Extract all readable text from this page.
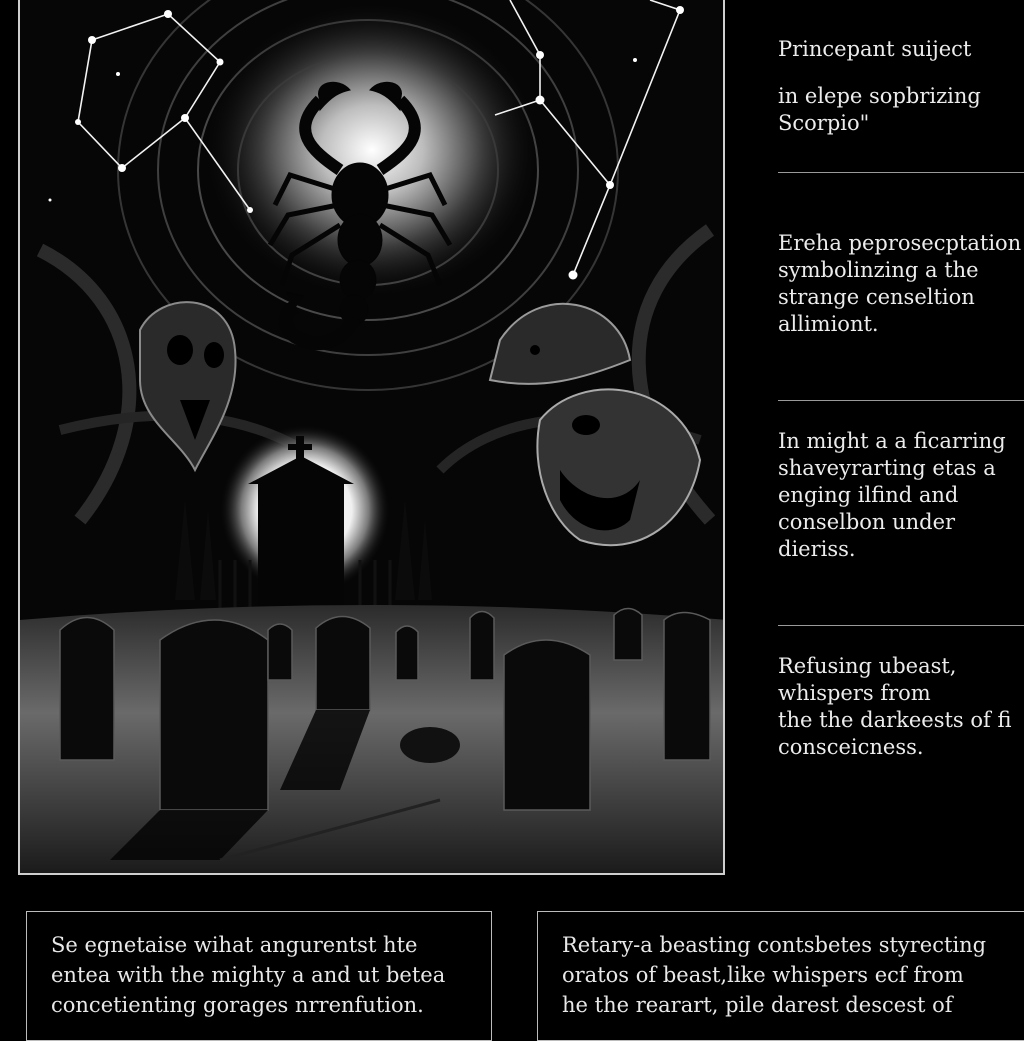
Princepant suiject
in elepe sopbrizing
Scorpio"
Ereha peprosecptation
symbolinzing a the
strange censeltion
allimiont.
In might a a ficarring
shaveyrarting etas a
enging ilfind and
conselbon under
dieriss.
Refusing ubeast,
whispers from
the the darkeests of fi
consceicness.
Se egnetaise wihat angurentst hte
entea with the mighty a and ut betea
concetienting gorages nrrenfution.
Retary-a beasting contsbetes styrecting
oratos of beast,like whispers ecf from
he the rearart, pile darest descest of
